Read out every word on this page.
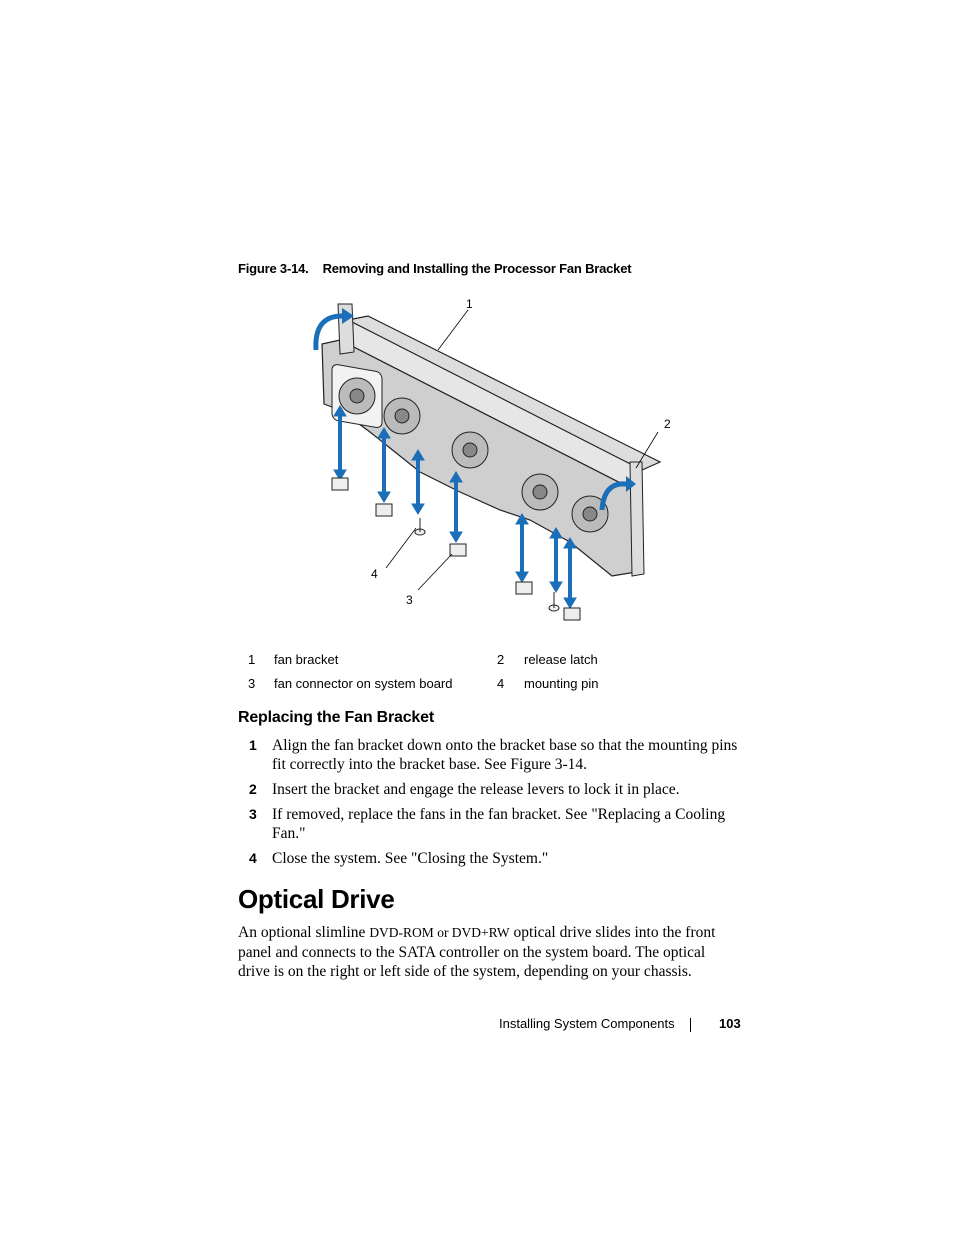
Figure 3-14. Removing and Installing the Processor Fan Bracket
1
2
3
4
1 fan bracket	2 release latch
3 fan connector on system board	4 mounting pin
Replacing the Fan Bracket
1 Align the fan bracket down onto the bracket base so that the mounting pins fit correctly into the bracket base. See Figure 3-14.
2 Insert the bracket and engage the release levers to lock it in place.
3 If removed, replace the fans in the fan bracket. See "Replacing a Cooling Fan."
4 Close the system. See "Closing the System."
Optical Drive
An optional slimline DVD-ROM or DVD+RW optical drive slides into the front panel and connects to the SATA controller on the system board. The optical drive is on the right or left side of the system, depending on your chassis.
Installing System Components	103
